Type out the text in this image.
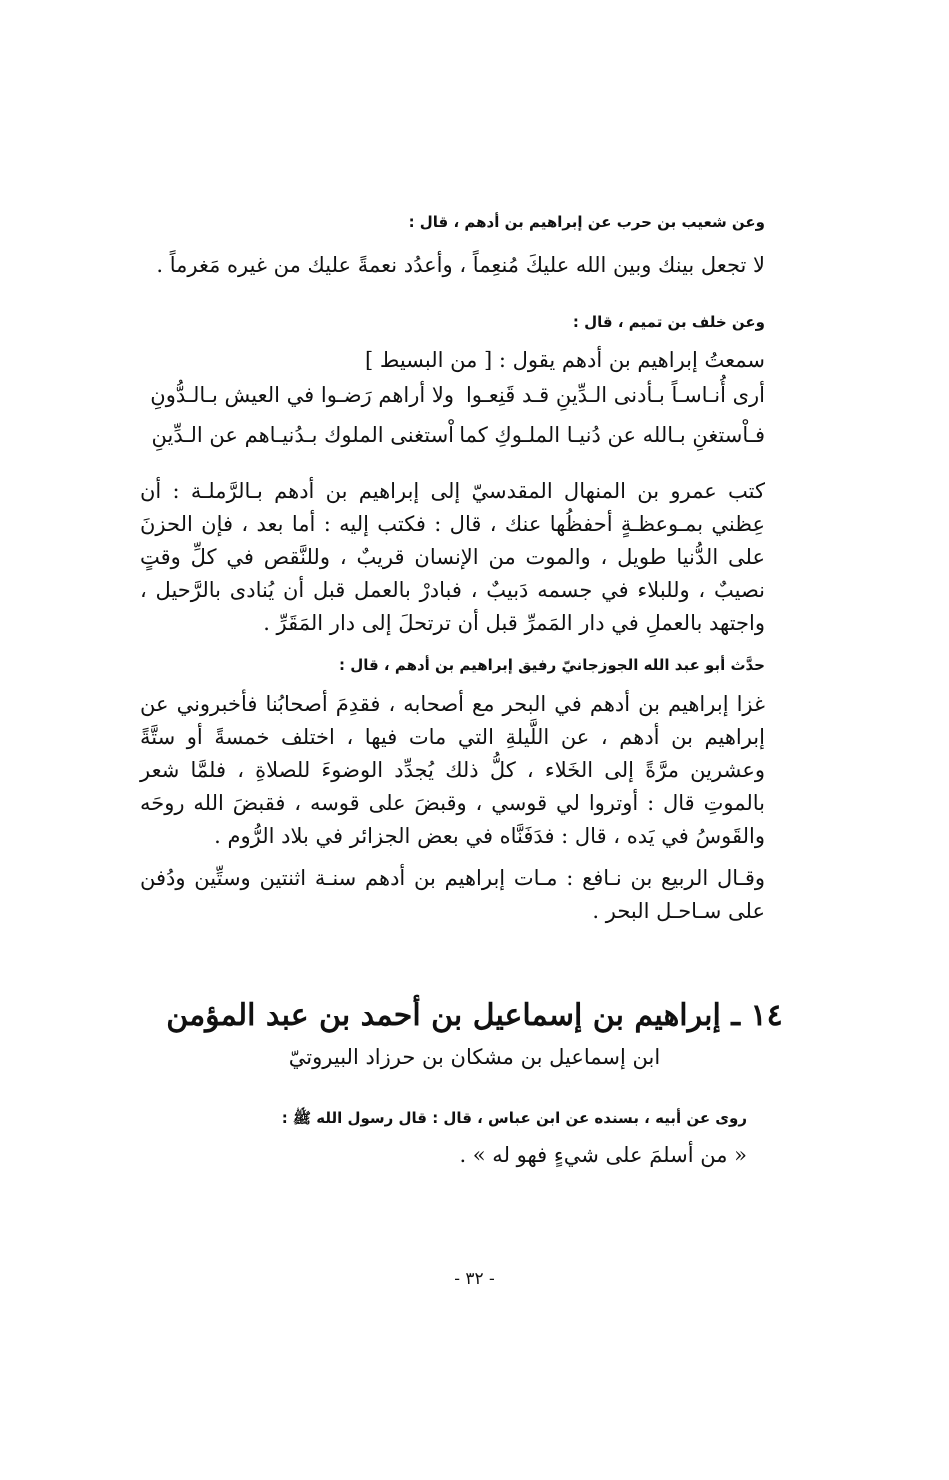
وعن شعيب بن حرب عن إبراهيم بن أدهم ، قال :
لا تجعل بينك وبين الله عليكَ مُنعِماً ، وأعدُد نعمةً عليك من غيره مَغرماً .
وعن خلف بن تميم ، قال :
سمعتُ إبراهيم بن أدهم يقول : [ من البسيط ]
أرى أُنـاسـاً بـأدنى الـدِّينِ قـد قَنِعـوا
ولا أراهم رَضـوا في العيش بـالـدُّونِ
فـاْستغنِ بـالله عن دُنيـا الملـوكِ كما
اْستغنى الملوك بـدُنيـاهم عن الـدِّينِ
كتب عمرو بن المنهال المقدسيّ إلى إبراهيم بن أدهم بـالرَّملـة : أن عِظني بمـوعظـةٍ أحفظُها عنك ، قال : فكتب إليه : أما بعد ، فإن الحزنَ على الدُّنيا طويل ، والموت من الإنسان قريبٌ ، وللنَّقص في كلِّ وقتٍ نصيبٌ ، وللبلاء في جسمه دَبيبٌ ، فبادرْ بالعمل قبل أن يُنادى بالرَّحيل ، واجتهد بالعملِ في دار المَمرِّ قبل أن ترتحلَ إلى دار المَقَرِّ .
حدَّث أبو عبد الله الجوزجانيّ رفيق إبراهيم بن أدهم ، قال :
غزا إبراهيم بن أدهم في البحر مع أصحابه ، فقدِمَ أصحابُنا فأخبروني عن إبراهيم بن أدهم ، عن اللَّيلةِ التي مات فيها ، اختلف خمسةً أو ستَّةً وعشرين مرَّةً إلى الخَلاء ، كلُّ ذلك يُجدِّد الوضوءَ للصلاةِ ، فلمَّا شعر بالموتِ قال : أوتروا لي قوسي ، وقبضَ على قوسه ، فقبضَ الله روحَه والقَوسُ في يَده ، قال : فدَفَنَّاه في بعض الجزائر في بلاد الرُّوم .
وقـال الربيع بن نـافع : مـات إبراهيم بن أدهم سنـة اثنتين وستِّين ودُفن على سـاحـل البحر .
١٤ ـ إبراهيم بن إسماعيل بن أحمد بن عبد المؤمن
ابن إسماعيل بن مشكان بن حرزاد البيروتيّ
روى عن أبيه ، بسنده عن ابن عباس ، قال : قال رسول الله ﷺ :
« من أسلمَ على شيءٍ فهو له » .
- ٣٢ -
